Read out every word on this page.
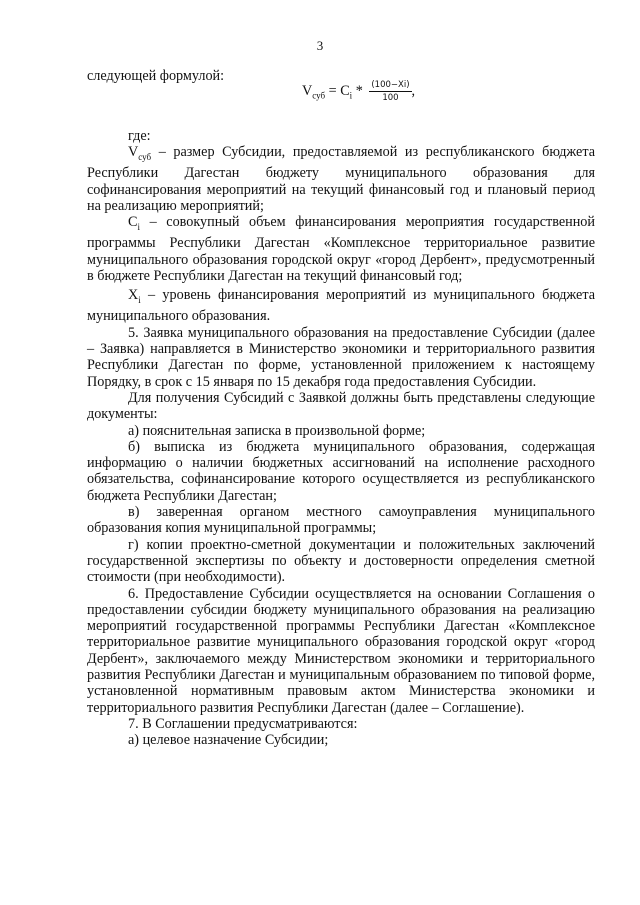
3
следующей формулой:
$V_{суб} = C_i * \frac{(100-Xi)}{100}$ ,

где:

$V_{суб}$ – размер Субсидии, предоставляемой из республиканского бюджета Республики Дагестан бюджету муниципального образования для софинансирования мероприятий на текущий финансовый год и плановый период на реализацию мероприятий;

$C_i$ – совокупный объем финансирования мероприятия государственной программы Республики Дагестан «Комплексное территориальное развитие муниципального образования городской округ «город Дербент», предусмотренный в бюджете Республики Дагестан на текущий финансовый год;

$X_i$ – уровень финансирования мероприятий из муниципального бюджета муниципального образования.

5. Заявка муниципального образования на предоставление Субсидии (далее – Заявка) направляется в Министерство экономики и территориального развития Республики Дагестан по форме, установленной приложением к настоящему Порядку, в срок с 15 января по 15 декабря года предоставления Субсидии.

Для получения Субсидий с Заявкой должны быть представлены следующие документы:

а) пояснительная записка в произвольной форме;

б) выписка из бюджета муниципального образования, содержащая информацию о наличии бюджетных ассигнований на исполнение расходного обязательства, софинансирование которого осуществляется из республиканского бюджета Республики Дагестан;

в) заверенная органом местного самоуправления муниципального образования копия муниципальной программы;

г) копии проектно-сметной документации и положительных заключений государственной экспертизы по объекту и достоверности определения сметной стоимости (при необходимости).

6. Предоставление Субсидии осуществляется на основании Соглашения о предоставлении субсидии бюджету муниципального образования на реализацию мероприятий государственной программы Республики Дагестан «Комплексное территориальное развитие муниципального образования городской округ «город Дербент», заключаемого между Министерством экономики и территориального развития Республики Дагестан и муниципальным образованием по типовой форме, установленной нормативным правовым актом Министерства экономики и территориального развития Республики Дагестан (далее – Соглашение).

7. В Соглашении предусматриваются:

а) целевое назначение Субсидии;
